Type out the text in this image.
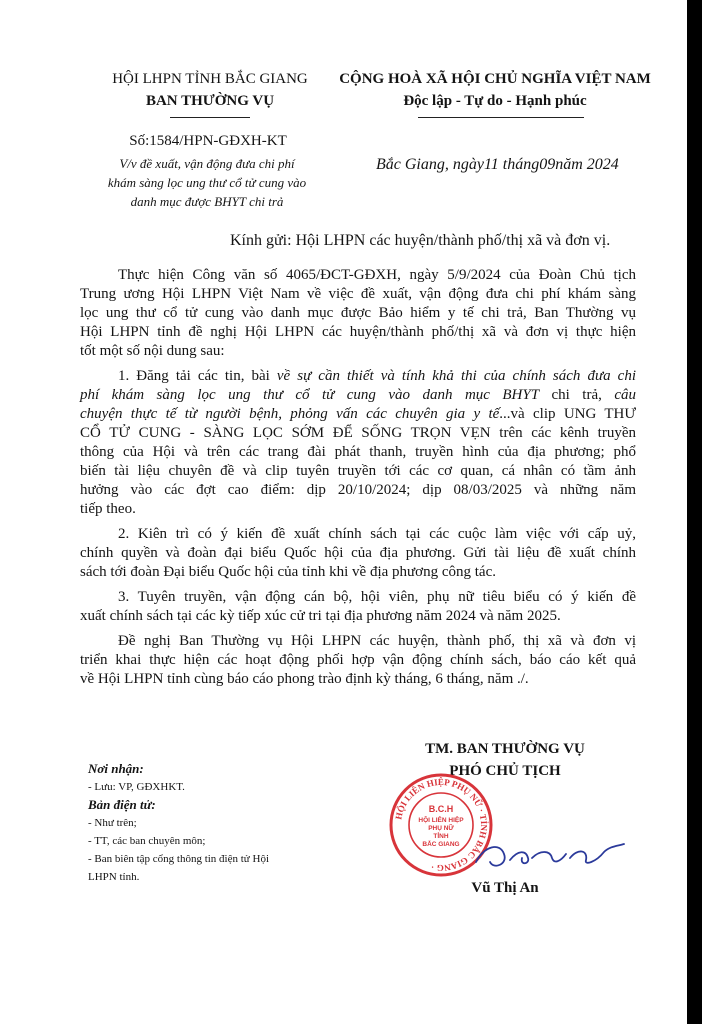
HỘI LHPN TỈNH BẮC GIANG
BAN THƯỜNG VỤ
CỘNG HOÀ XÃ HỘI CHỦ NGHĨA VIỆT NAM
Độc lập - Tự do - Hạnh phúc
Số:1584/HPN-GĐXH-KT
V/v đề xuất, vận động đưa chi phí
khám sàng lọc ung thư cổ tử cung vào
danh mục được BHYT chi trả
Bắc Giang, ngày11 tháng09năm 2024
Kính gửi: Hội LHPN các huyện/thành phố/thị xã và đơn vị.

Thực hiện Công văn số 4065/ĐCT-GĐXH, ngày 5/9/2024 của Đoàn Chủ tịch

Trung ương Hội LHPN Việt Nam về việc đề xuất, vận động đưa chi phí khám sàng

lọc ung thư cổ tử cung vào danh mục được Bảo hiểm y tế chi trả, Ban Thường vụ

Hội LHPN tỉnh đề nghị Hội LHPN các huyện/thành phố/thị xã và đơn vị thực hiện

tốt một số nội dung sau:

1. Đăng tải các tin, bài về sự cần thiết và tính khả thi của chính sách đưa chi

phí khám sàng lọc ung thư cổ tử cung vào danh mục BHYT chi trả, câu

chuyện thực tế từ người bệnh, phỏng vấn các chuyên gia y tế...và clip UNG THƯ

CỔ TỬ CUNG - SÀNG LỌC SỚM ĐỂ SỐNG TRỌN VẸN trên các kênh truyền

thông của Hội và trên các trang đài phát thanh, truyền hình của địa phương; phổ

biến tài liệu chuyên đề và clip tuyên truyền tới các cơ quan, cá nhân có tầm ảnh

hưởng vào các đợt cao điểm: dịp 20/10/2024; dịp 08/03/2025 và những năm

tiếp theo.

2. Kiên trì có ý kiến đề xuất chính sách tại các cuộc làm việc với cấp uỷ,

chính quyền và đoàn đại biểu Quốc hội của địa phương. Gửi tài liệu đề xuất chính

sách tới đoàn Đại biểu Quốc hội của tỉnh khi về địa phương công tác.

3. Tuyên truyền, vận động cán bộ, hội viên, phụ nữ tiêu biểu có ý kiến đề

xuất chính sách tại các kỳ tiếp xúc cử tri tại địa phương năm 2024 và năm 2025.

Đề nghị Ban Thường vụ Hội LHPN các huyện, thành phố, thị xã và đơn vị

triển khai thực hiện các hoạt động phối hợp vận động chính sách, báo cáo kết quả

về Hội LHPN tỉnh cùng báo cáo phong trào định kỳ tháng, 6 tháng, năm ./.

Nơi nhận:
- Lưu: VP, GĐXHKT.
Bản điện tử:
- Như trên;
- TT, các ban chuyên môn;
- Ban biên tập cổng thông tin điện tử Hội
LHPN tỉnh.
TM. BAN THƯỜNG VỤ
PHÓ CHỦ TỊCH
HỘI LIÊN HIỆP PHỤ NỮ · TỈNH BẮC GIANG ·
B.C.H
HỘI LIÊN HIỆP
PHỤ NỮ
TỈNH
BẮC GIANG
Vũ Thị An
